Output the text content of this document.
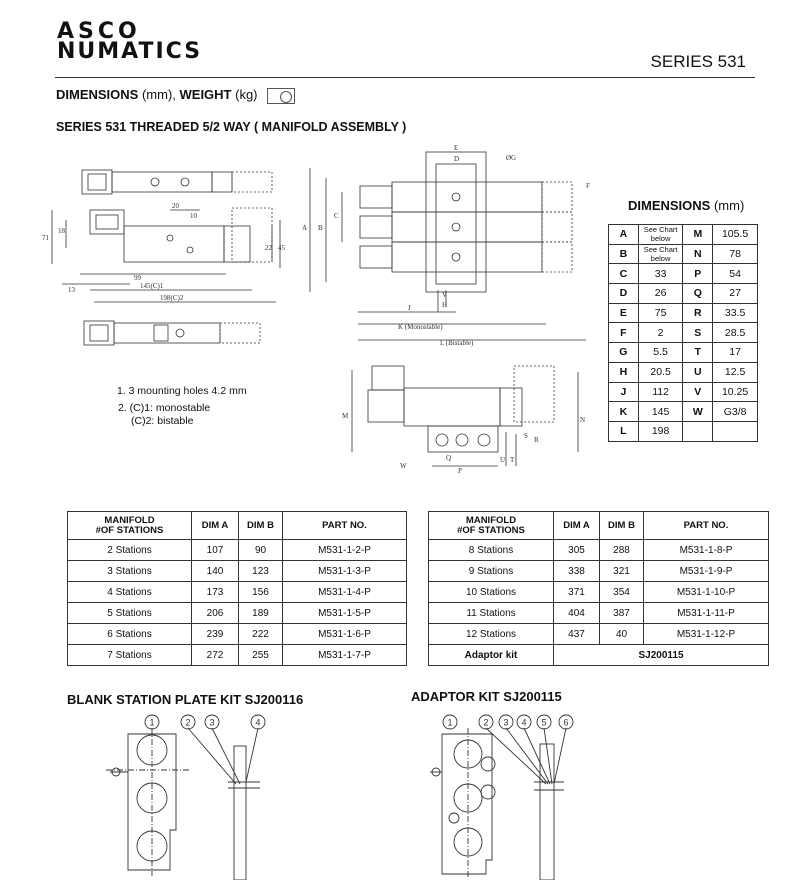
ASCO
NUMATICS	SERIES 531
DIMENSIONS (mm), WEIGHT (kg)
SERIES 531 THREADED 5/2 WAY ( MANIFOLD ASSEMBLY )
71
18
20
10
99
13	145(C)1
198(C)2
22 45
A B
C
E
D	ØG
F
V
H
J
K (Monostable)
L (Bistable)
M	N
W
Q
P
S R
U T
1. 3 mounting holes 4.2 mm
2. (C)1: monostable
(C)2: bistable
DIMENSIONS (mm)
A	See Chart below	M	105.5
B	See Chart below	N	78
C	33	P	54
D	26	Q	27
E	75	R	33.5
F	2	S	28.5
G	5.5	T	17
H	20.5	U	12.5
J	112	V	10.25
K	145	W	G3/8
L	198		
MANIFOLD
#OF STATIONS	DIM A	DIM B	PART NO.
2 Stations	107	90	M531-1-2-P
3 Stations	140	123	M531-1-3-P
4 Stations	173	156	M531-1-4-P
5 Stations	206	189	M531-1-5-P
6 Stations	239	222	M531-1-6-P
7 Stations	272	255	M531-1-7-P
MANIFOLD
#OF STATIONS	DIM A	DIM B	PART NO.
8 Stations	305	288	M531-1-8-P
9 Stations	338	321	M531-1-9-P
10 Stations	371	354	M531-1-10-P
11 Stations	404	387	M531-1-11-P
12 Stations	437	40	M531-1-12-P
Adaptor kit	SJ200115		
BLANK STATION PLATE KIT SJ200116	ADAPTOR KIT SJ200115
1	2 3	4	1	2 3 4 5 6
